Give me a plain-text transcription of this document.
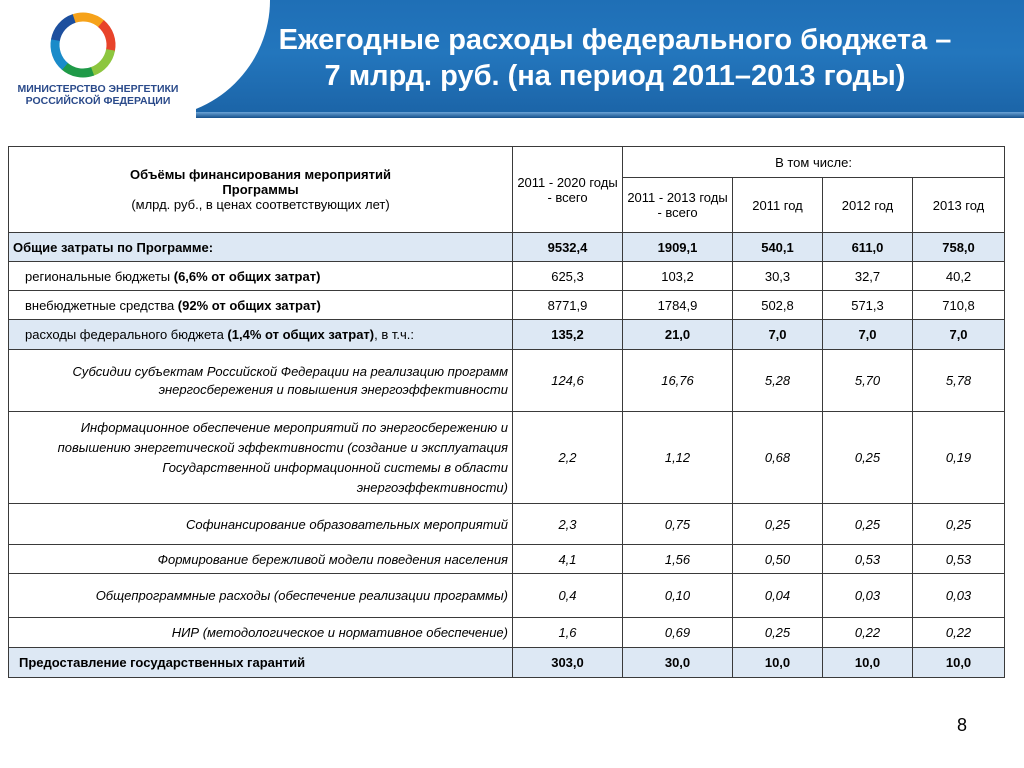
МИНИСТЕРСТВО ЭНЕРГЕТИКИ
РОССИЙСКОЙ ФЕДЕРАЦИИ
Ежегодные расходы федерального бюджета –
7 млрд. руб. (на период 2011–2013 годы)
Объёмы финансирования мероприятий
Программы
(млрд. руб., в ценах соответствующих лет)	2011 - 2020 годы - всего	В том числе:			
		2011 - 2013 годы - всего	2011 год	2012 год	2013 год
Общие затраты по Программе:	9532,4	1909,1	540,1	611,0	758,0
региональные бюджеты (6,6% от общих затрат)	625,3	103,2	30,3	32,7	40,2
внебюджетные средства (92% от общих затрат)	8771,9	1784,9	502,8	571,3	710,8
расходы федерального бюджета (1,4% от общих затрат), в т.ч.:	135,2	21,0	7,0	7,0	7,0
Субсидии субъектам Российской Федерации на реализацию программ энергосбережения и повышения энергоэффективности	124,6	16,76	5,28	5,70	5,78
Информационное обеспечение мероприятий по энергосбережению и повышению энергетической эффективности (создание и эксплуатация Государственной информационной системы в области энергоэффективности)	2,2	1,12	0,68	0,25	0,19
Софинансирование образовательных мероприятий	2,3	0,75	0,25	0,25	0,25
Формирование бережливой модели поведения населения	4,1	1,56	0,50	0,53	0,53
Общепрограммные расходы (обеспечение реализации программы)	0,4	0,10	0,04	0,03	0,03
НИР (методологическое и нормативное обеспечение)	1,6	0,69	0,25	0,22	0,22
Предоставление государственных гарантий	303,0	30,0	10,0	10,0	10,0
8
